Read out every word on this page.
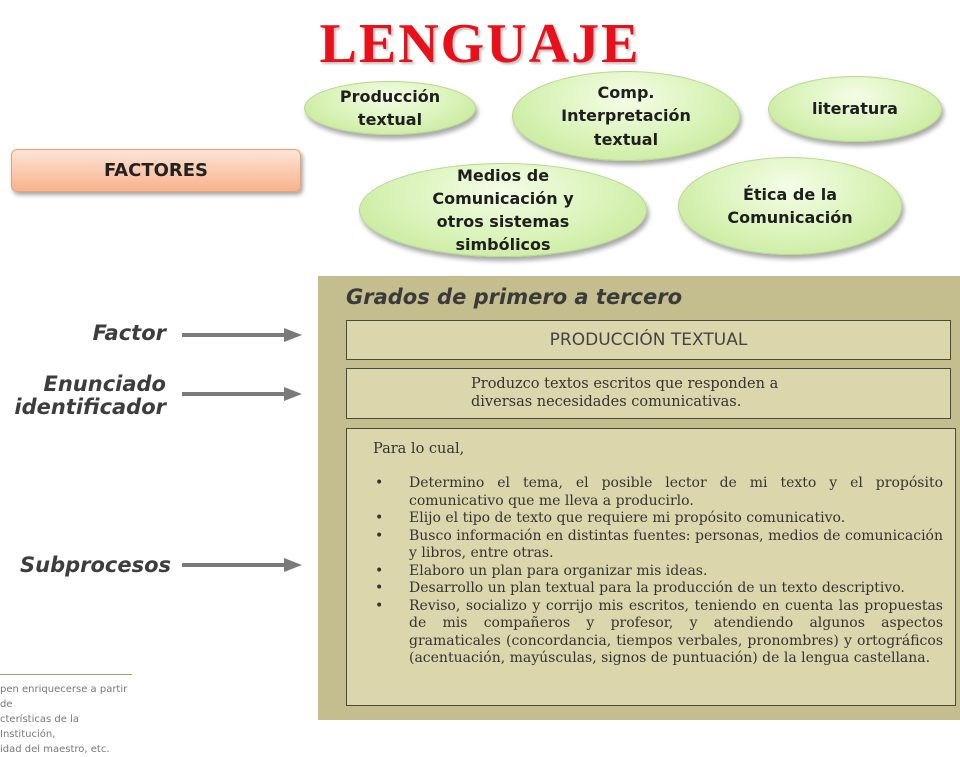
LENGUAJE
Producción textual
Comp. Interpretación textual
literatura
Medios de Comunicación y otros sistemas simbólicos
Ética de la Comunicación
FACTORES
Factor
Enunciado
identificador
Subprocesos
Grados de primero a tercero
PRODUCCIÓN TEXTUAL
Produzco textos escritos que responden a
diversas necesidades comunicativas.
Para lo cual,
• Determino el tema, el posible lector de mi texto y el propósito comunicativo que me lleva a producirlo.
• Elijo el tipo de texto que requiere mi propósito comunicativo.
• Busco información en distintas fuentes: personas, medios de comunicación y libros, entre otras.
• Elaboro un plan para organizar mis ideas.
• Desarrollo un plan textual para la producción de un texto descriptivo.
• Reviso, socializo y corrijo mis escritos, teniendo en cuenta las propuestas de mis compañeros y profesor, y atendiendo algunos aspectos gramaticales (concordancia, tiempos verbales, pronombres) y ortográficos (acentuación, mayúsculas, signos de puntuación) de la lengua castellana.
pen enriquecerse a partir de
cterísticas de la Institución,
idad del maestro, etc.
